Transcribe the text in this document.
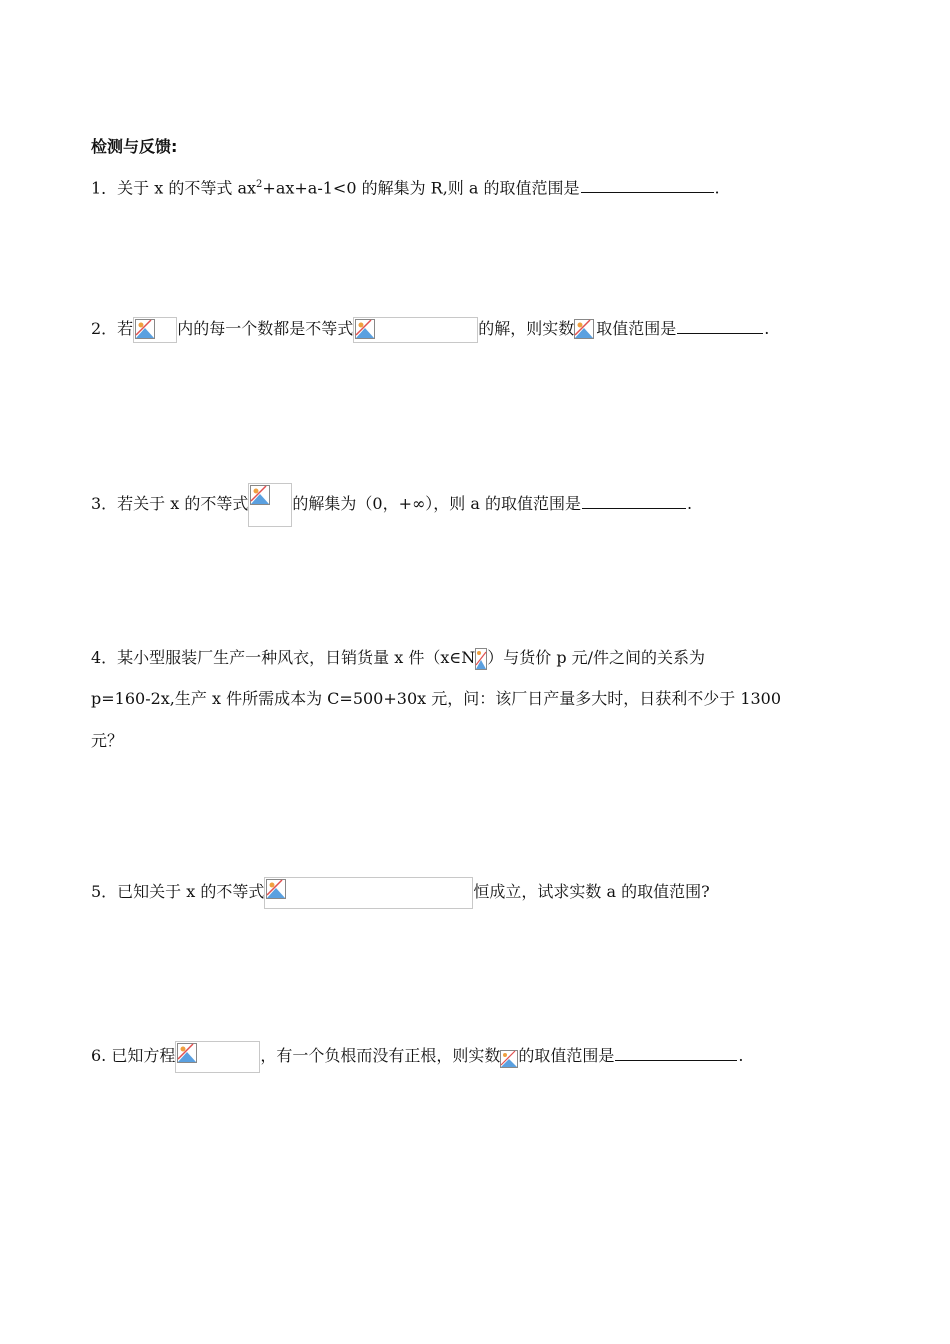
检测与反馈:
1．关于 x 的不等式 $ax^2+ax+a-1<0$ 的解集为 R,则 a 的取值范围是	.
2．若	内的每一个数都是不等式	的解，则实数 取值范围是	.
3．若关于 x 的不等式	的解集为（0，+∞），则 a 的取值范围是	.
4．某小型服装厂生产一种风衣，日销货量 x 件（x∈N ）与货价 p 元/件之间的关系为
p=160-2x,生产 x 件所需成本为 C=500+30x 元，问：该厂日产量多大时，日获利不少于 1300
元？
5．已知关于 x 的不等式	恒成立，试求实数 a 的取值范围?
6. 已知方程	，有一个负根而没有正根，则实数 的取值范围是	.
